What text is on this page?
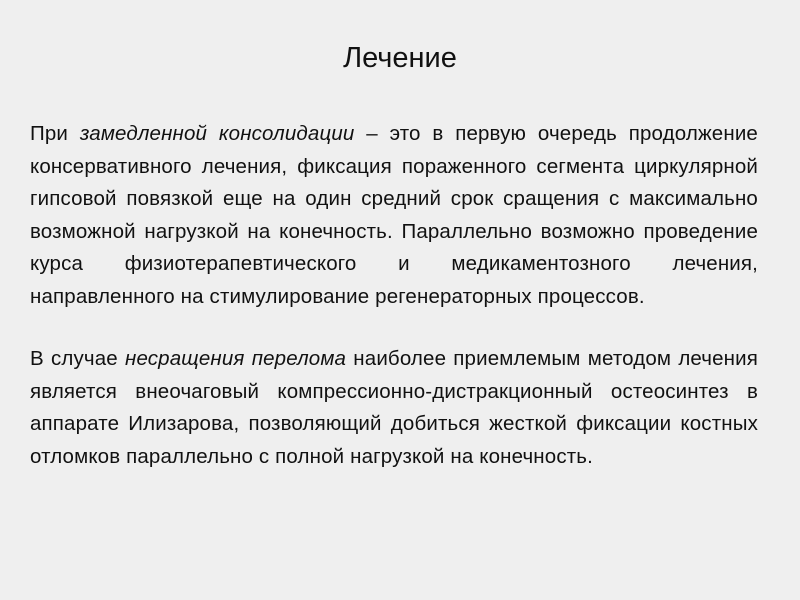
Лечение

При замедленной консолидации – это в первую очередь продолжение консервативного лечения, фиксация пораженного сегмента циркулярной гипсовой повязкой еще на один средний срок сращения с максимально возможной нагрузкой на конечность. Параллельно возможно проведение курса физиотерапевтического и медикаментозного лечения, направленного на стимулирование регенераторных процессов.

В случае несращения перелома наиболее приемлемым методом лечения является внеочаговый компрессионно-дистракционный остеосинтез в аппарате Илизарова, позволяющий добиться жесткой фиксации костных отломков параллельно с полной нагрузкой на конечность.
